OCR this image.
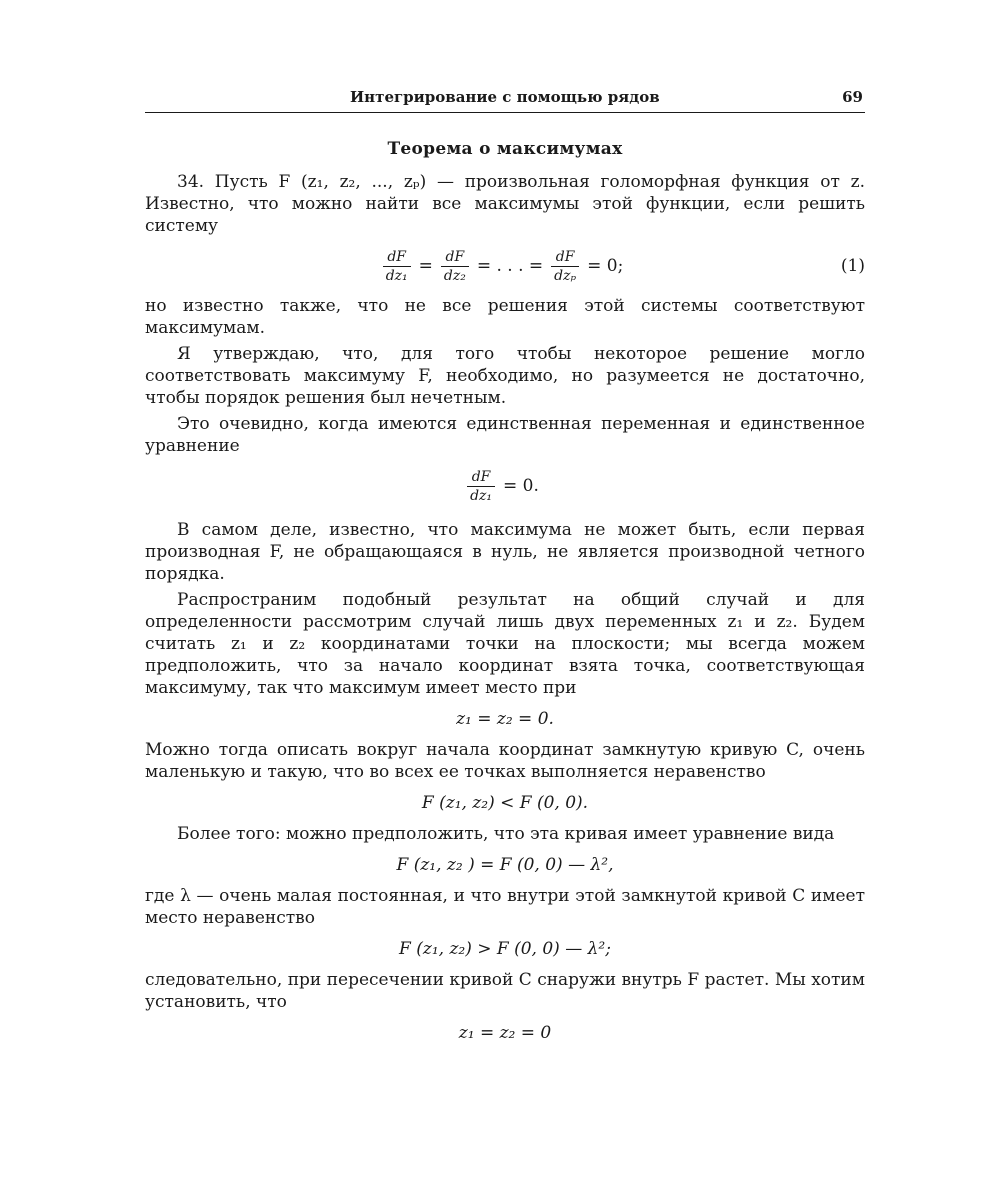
Интегрирование с помощью рядов	69
Теорема о максимумах

34. Пусть F (z₁, z₂, ..., zₚ) — произвольная голоморфная функция от z. Известно, что можно найти все максимумы этой функции, если решить систему

$\frac{dF}{\text{dz₁}} = \frac{dF}{\text{dz₂}}$ = . . . = $\frac{dF}{\text{dzₚ}} = 0$;	(1)

но известно также, что не все решения этой системы соответствуют максимумам.

Я утверждаю, что, для того чтобы некоторое решение могло соответствовать максимуму F, необходимо, но разумеется не достаточно, чтобы порядок решения был нечетным.

Это очевидно, когда имеются единственная переменная и единственное уравнение

$\frac{dF}{\text{dz₁}} = 0$.

В самом деле, известно, что максимума не может быть, если первая производная F, не обращающаяся в нуль, не является производной четного порядка.

Распространим подобный результат на общий случай и для определенности рассмотрим случай лишь двух переменных z₁ и z₂. Будем считать z₁ и z₂ координатами точки на плоскости; мы всегда можем предположить, что за начало координат взята точка, соответствующая максимуму, так что максимум имеет место при

z₁ = z₂ = 0.

Можно тогда описать вокруг начала координат замкнутую кривую C, очень маленькую и такую, что во всех ее точках выполняется неравенство

F (z₁, z₂) < F (0, 0).

Более того: можно предположить, что эта кривая имеет уравнение вида

F (z₁, z₂ ) = F (0, 0) — λ²,

где λ — очень малая постоянная, и что внутри этой замкнутой кривой C имеет место неравенство

F (z₁, z₂) > F (0, 0) — λ²;

следовательно, при пересечении кривой C снаружи внутрь F растет. Мы хотим установить, что

z₁ = z₂ = 0
